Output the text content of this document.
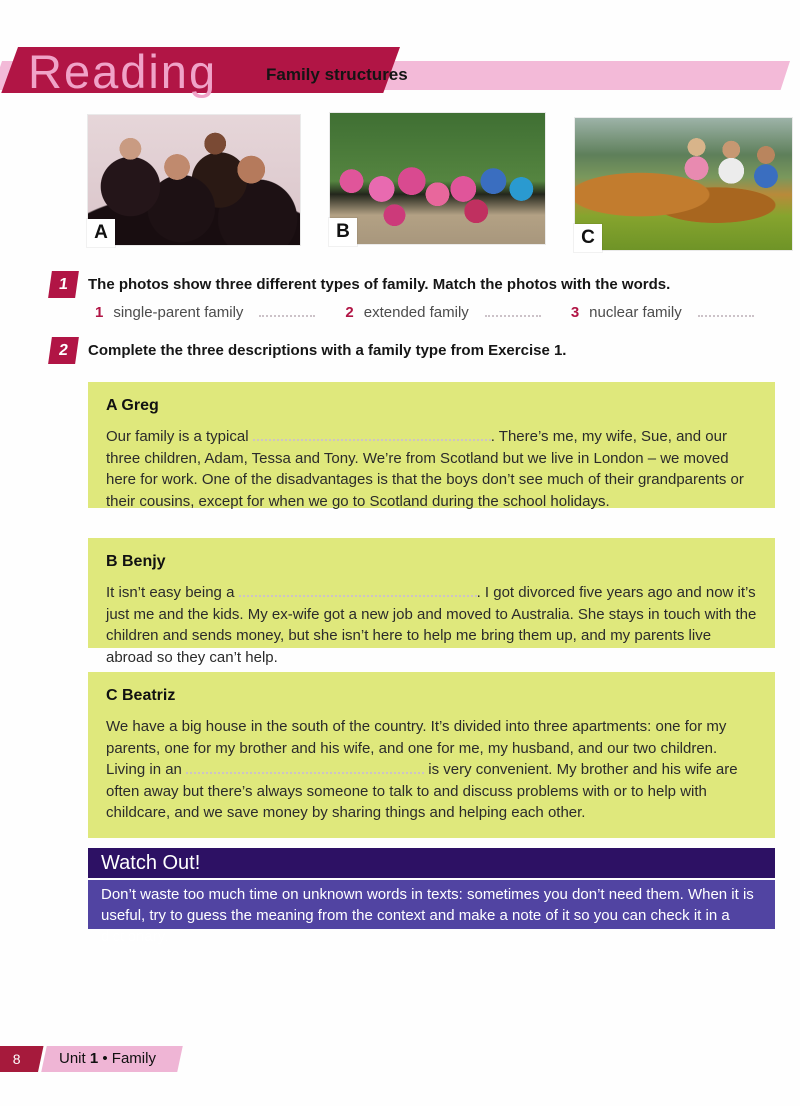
Reading	Family structures
A	B	C
1	The photos show three different types of family. Match the photos with the words.
1 single-parent family	2 extended family	3 nuclear family
2	Complete the three descriptions with a family type from Exercise 1.
A Greg

Our family is a typical	. There’s me, my wife, Sue, and our three children, Adam, Tessa and Tony. We’re from Scotland but we live in London – we moved here for work. One of the disadvantages is that the boys don’t see much of their grandparents or their cousins, except for when we go to Scotland during the school holidays.

B Benjy

It isn’t easy being a	. I got divorced five years ago and now it’s just me and the kids. My ex-wife got a new job and moved to Australia. She stays in touch with the children and sends money, but she isn’t here to help me bring them up, and my parents live abroad so they can’t help.

C Beatriz

We have a big house in the south of the country. It’s divided into three apartments: one for my parents, one for my brother and his wife, and one for me, my husband, and our two children. Living in an	is very convenient. My brother and his wife are often away but there’s always someone to talk to and discuss problems with or to help with childcare, and we save money by sharing things and helping each other.

Watch Out!
Don’t waste too much time on unknown words in texts: sometimes you don’t need them. When it is useful, try to guess the meaning from the context and make a note of it so you can check it in a dictionary.
8	Unit 1 • Family
